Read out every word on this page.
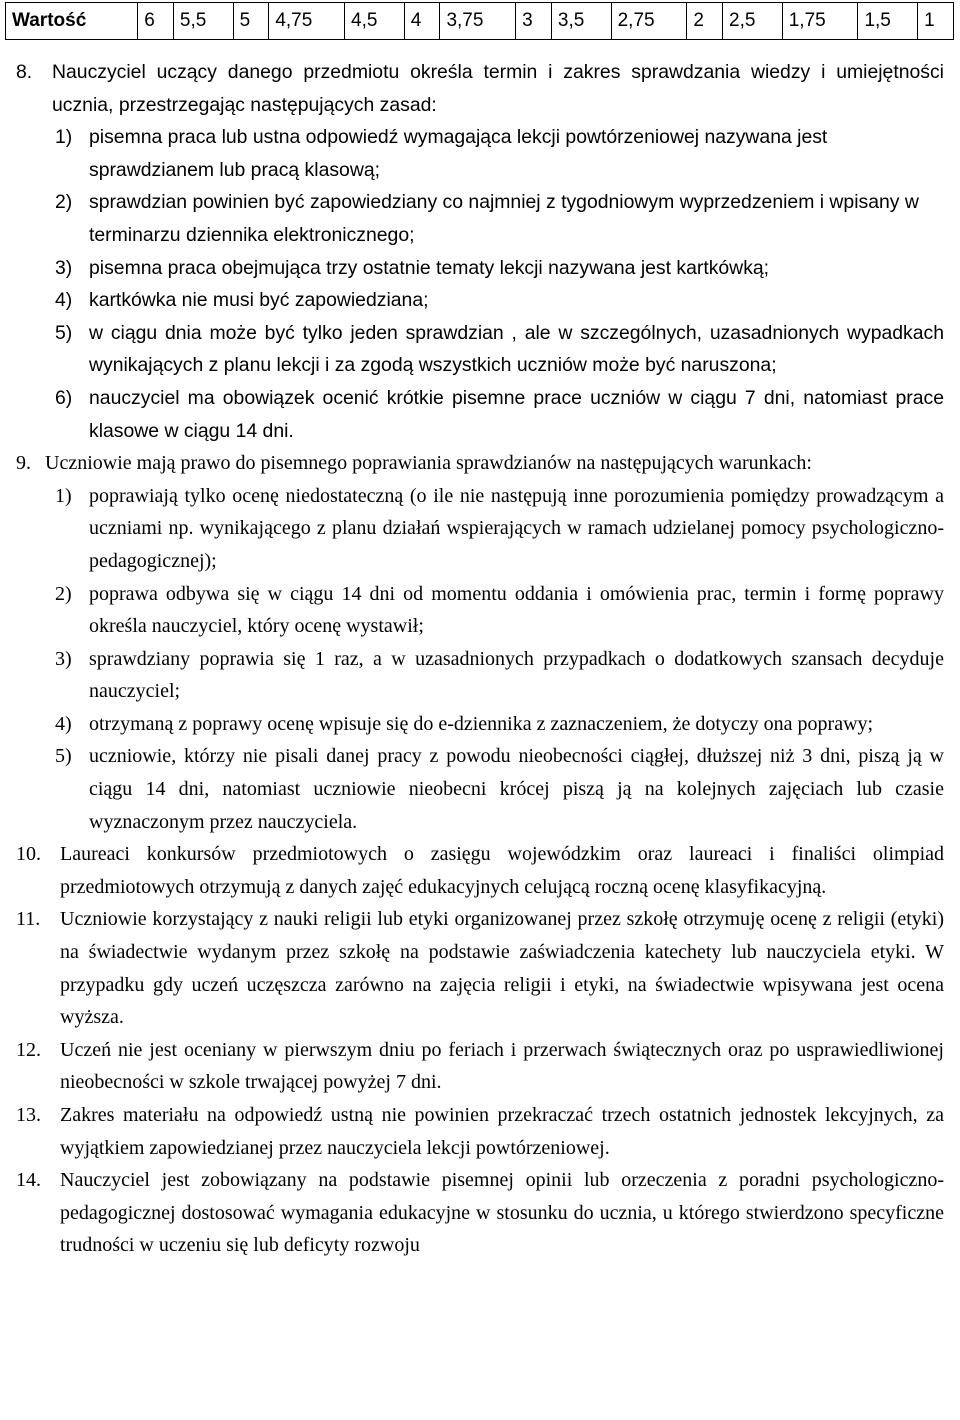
Wartość	6	5,5	5	4,75	4,5	4	3,75	3	3,5	2,75	2	2,5	1,75	1,5	1
8. Nauczyciel uczący danego przedmiotu określa termin i zakres sprawdzania wiedzy i umiejętności ucznia, przestrzegając następujących zasad:
1) pisemna praca lub ustna odpowiedź wymagająca lekcji powtórzeniowej nazywana jest sprawdzianem lub pracą klasową;
2) sprawdzian powinien być zapowiedziany co najmniej z tygodniowym wyprzedzeniem i wpisany w terminarzu dziennika elektronicznego;
3) pisemna praca obejmująca trzy ostatnie tematy lekcji nazywana jest kartkówką;
4) kartkówka nie musi być zapowiedziana;
5) w ciągu dnia może być tylko jeden sprawdzian , ale w szczególnych, uzasadnionych wypadkach wynikających z planu lekcji i za zgodą wszystkich uczniów może być naruszona;
6) nauczyciel ma obowiązek ocenić krótkie pisemne prace uczniów w ciągu 7 dni, natomiast prace klasowe w ciągu 14 dni.
9. Uczniowie mają prawo do pisemnego poprawiania sprawdzianów na następujących warunkach:
1) poprawiają tylko ocenę niedostateczną (o ile nie następują inne porozumienia pomiędzy prowadzącym a uczniami np. wynikającego z planu działań wspierających w ramach udzielanej pomocy psychologiczno-pedagogicznej);
2) poprawa odbywa się w ciągu 14 dni od momentu oddania i omówienia prac, termin i formę poprawy określa nauczyciel, który ocenę wystawił;
3) sprawdziany poprawia się 1 raz, a w uzasadnionych przypadkach o dodatkowych szansach decyduje nauczyciel;
4) otrzymaną z poprawy ocenę wpisuje się do e-dziennika z zaznaczeniem, że dotyczy ona poprawy;
5) uczniowie, którzy nie pisali danej pracy z powodu nieobecności ciągłej, dłuższej niż 3 dni, piszą ją w ciągu 14 dni, natomiast uczniowie nieobecni krócej piszą ją na kolejnych zajęciach lub czasie wyznaczonym przez nauczyciela.
10. Laureaci konkursów przedmiotowych o zasięgu wojewódzkim oraz laureaci i finaliści olimpiad przedmiotowych otrzymują z danych zajęć edukacyjnych celującą roczną ocenę klasyfikacyjną.
11. Uczniowie korzystający z nauki religii lub etyki organizowanej przez szkołę otrzymuję ocenę z religii (etyki) na świadectwie wydanym przez szkołę na podstawie zaświadczenia katechety lub nauczyciela etyki. W przypadku gdy uczeń uczęszcza zarówno na zajęcia religii i etyki, na świadectwie wpisywana jest ocena wyższa.
12. Uczeń nie jest oceniany w pierwszym dniu po feriach i przerwach świątecznych oraz po usprawiedliwionej nieobecności w szkole trwającej powyżej 7 dni.
13. Zakres materiału na odpowiedź ustną nie powinien przekraczać trzech ostatnich jednostek lekcyjnych, za wyjątkiem zapowiedzianej przez nauczyciela lekcji powtórzeniowej.
14. Nauczyciel jest zobowiązany na podstawie pisemnej opinii lub orzeczenia z poradni psychologiczno- pedagogicznej dostosować wymagania edukacyjne w stosunku do ucznia, u którego stwierdzono specyficzne trudności w uczeniu się lub deficyty rozwoju
